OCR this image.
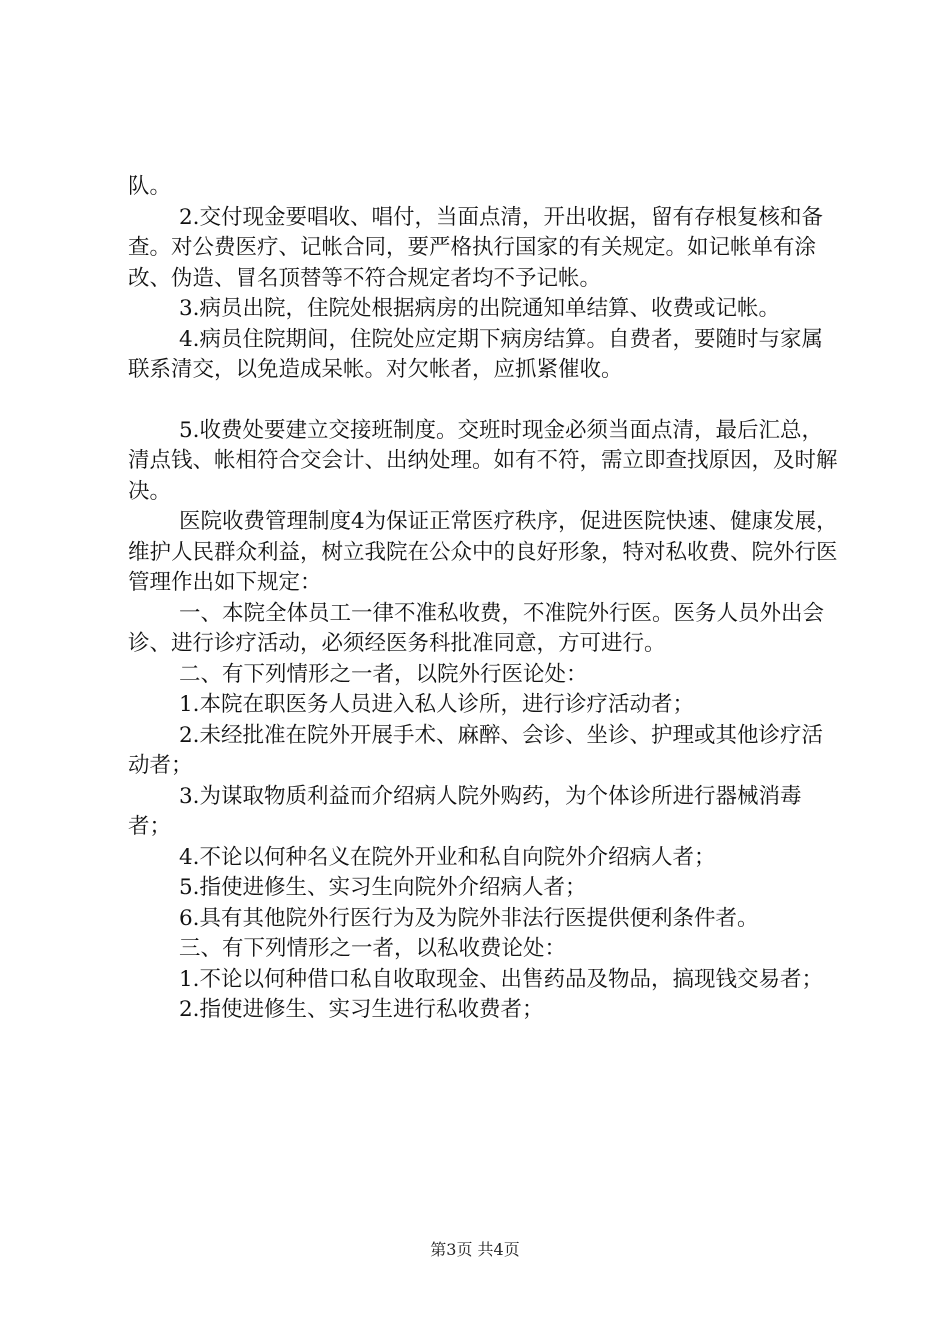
队。

2.交付现金要唱收、唱付，当面点清，开出收据，留有存根复核和备查。对公费医疗、记帐合同，要严格执行国家的有关规定。如记帐单有涂改、伪造、冒名顶替等不符合规定者均不予记帐。

3.病员出院，住院处根据病房的出院通知单结算、收费或记帐。

4.病员住院期间，住院处应定期下病房结算。自费者，要随时与家属联系清交，以免造成呆帐。对欠帐者，应抓紧催收。

5.收费处要建立交接班制度。交班时现金必须当面点清，最后汇总，清点钱、帐相符合交会计、出纳处理。如有不符，需立即查找原因，及时解决。

医院收费管理制度4为保证正常医疗秩序，促进医院快速、健康发展，维护人民群众利益，树立我院在公众中的良好形象，特对私收费、院外行医管理作出如下规定：

一、本院全体员工一律不准私收费，不准院外行医。医务人员外出会诊、进行诊疗活动，必须经医务科批准同意，方可进行。

二、有下列情形之一者，以院外行医论处：

1.本院在职医务人员进入私人诊所，进行诊疗活动者；

2.未经批准在院外开展手术、麻醉、会诊、坐诊、护理或其他诊疗活动者；

3.为谋取物质利益而介绍病人院外购药，为个体诊所进行器械消毒者；

4.不论以何种名义在院外开业和私自向院外介绍病人者；

5.指使进修生、实习生向院外介绍病人者；

6.具有其他院外行医行为及为院外非法行医提供便利条件者。

三、有下列情形之一者，以私收费论处：

1.不论以何种借口私自收取现金、出售药品及物品，搞现钱交易者；

2.指使进修生、实习生进行私收费者；

第3页 共4页
